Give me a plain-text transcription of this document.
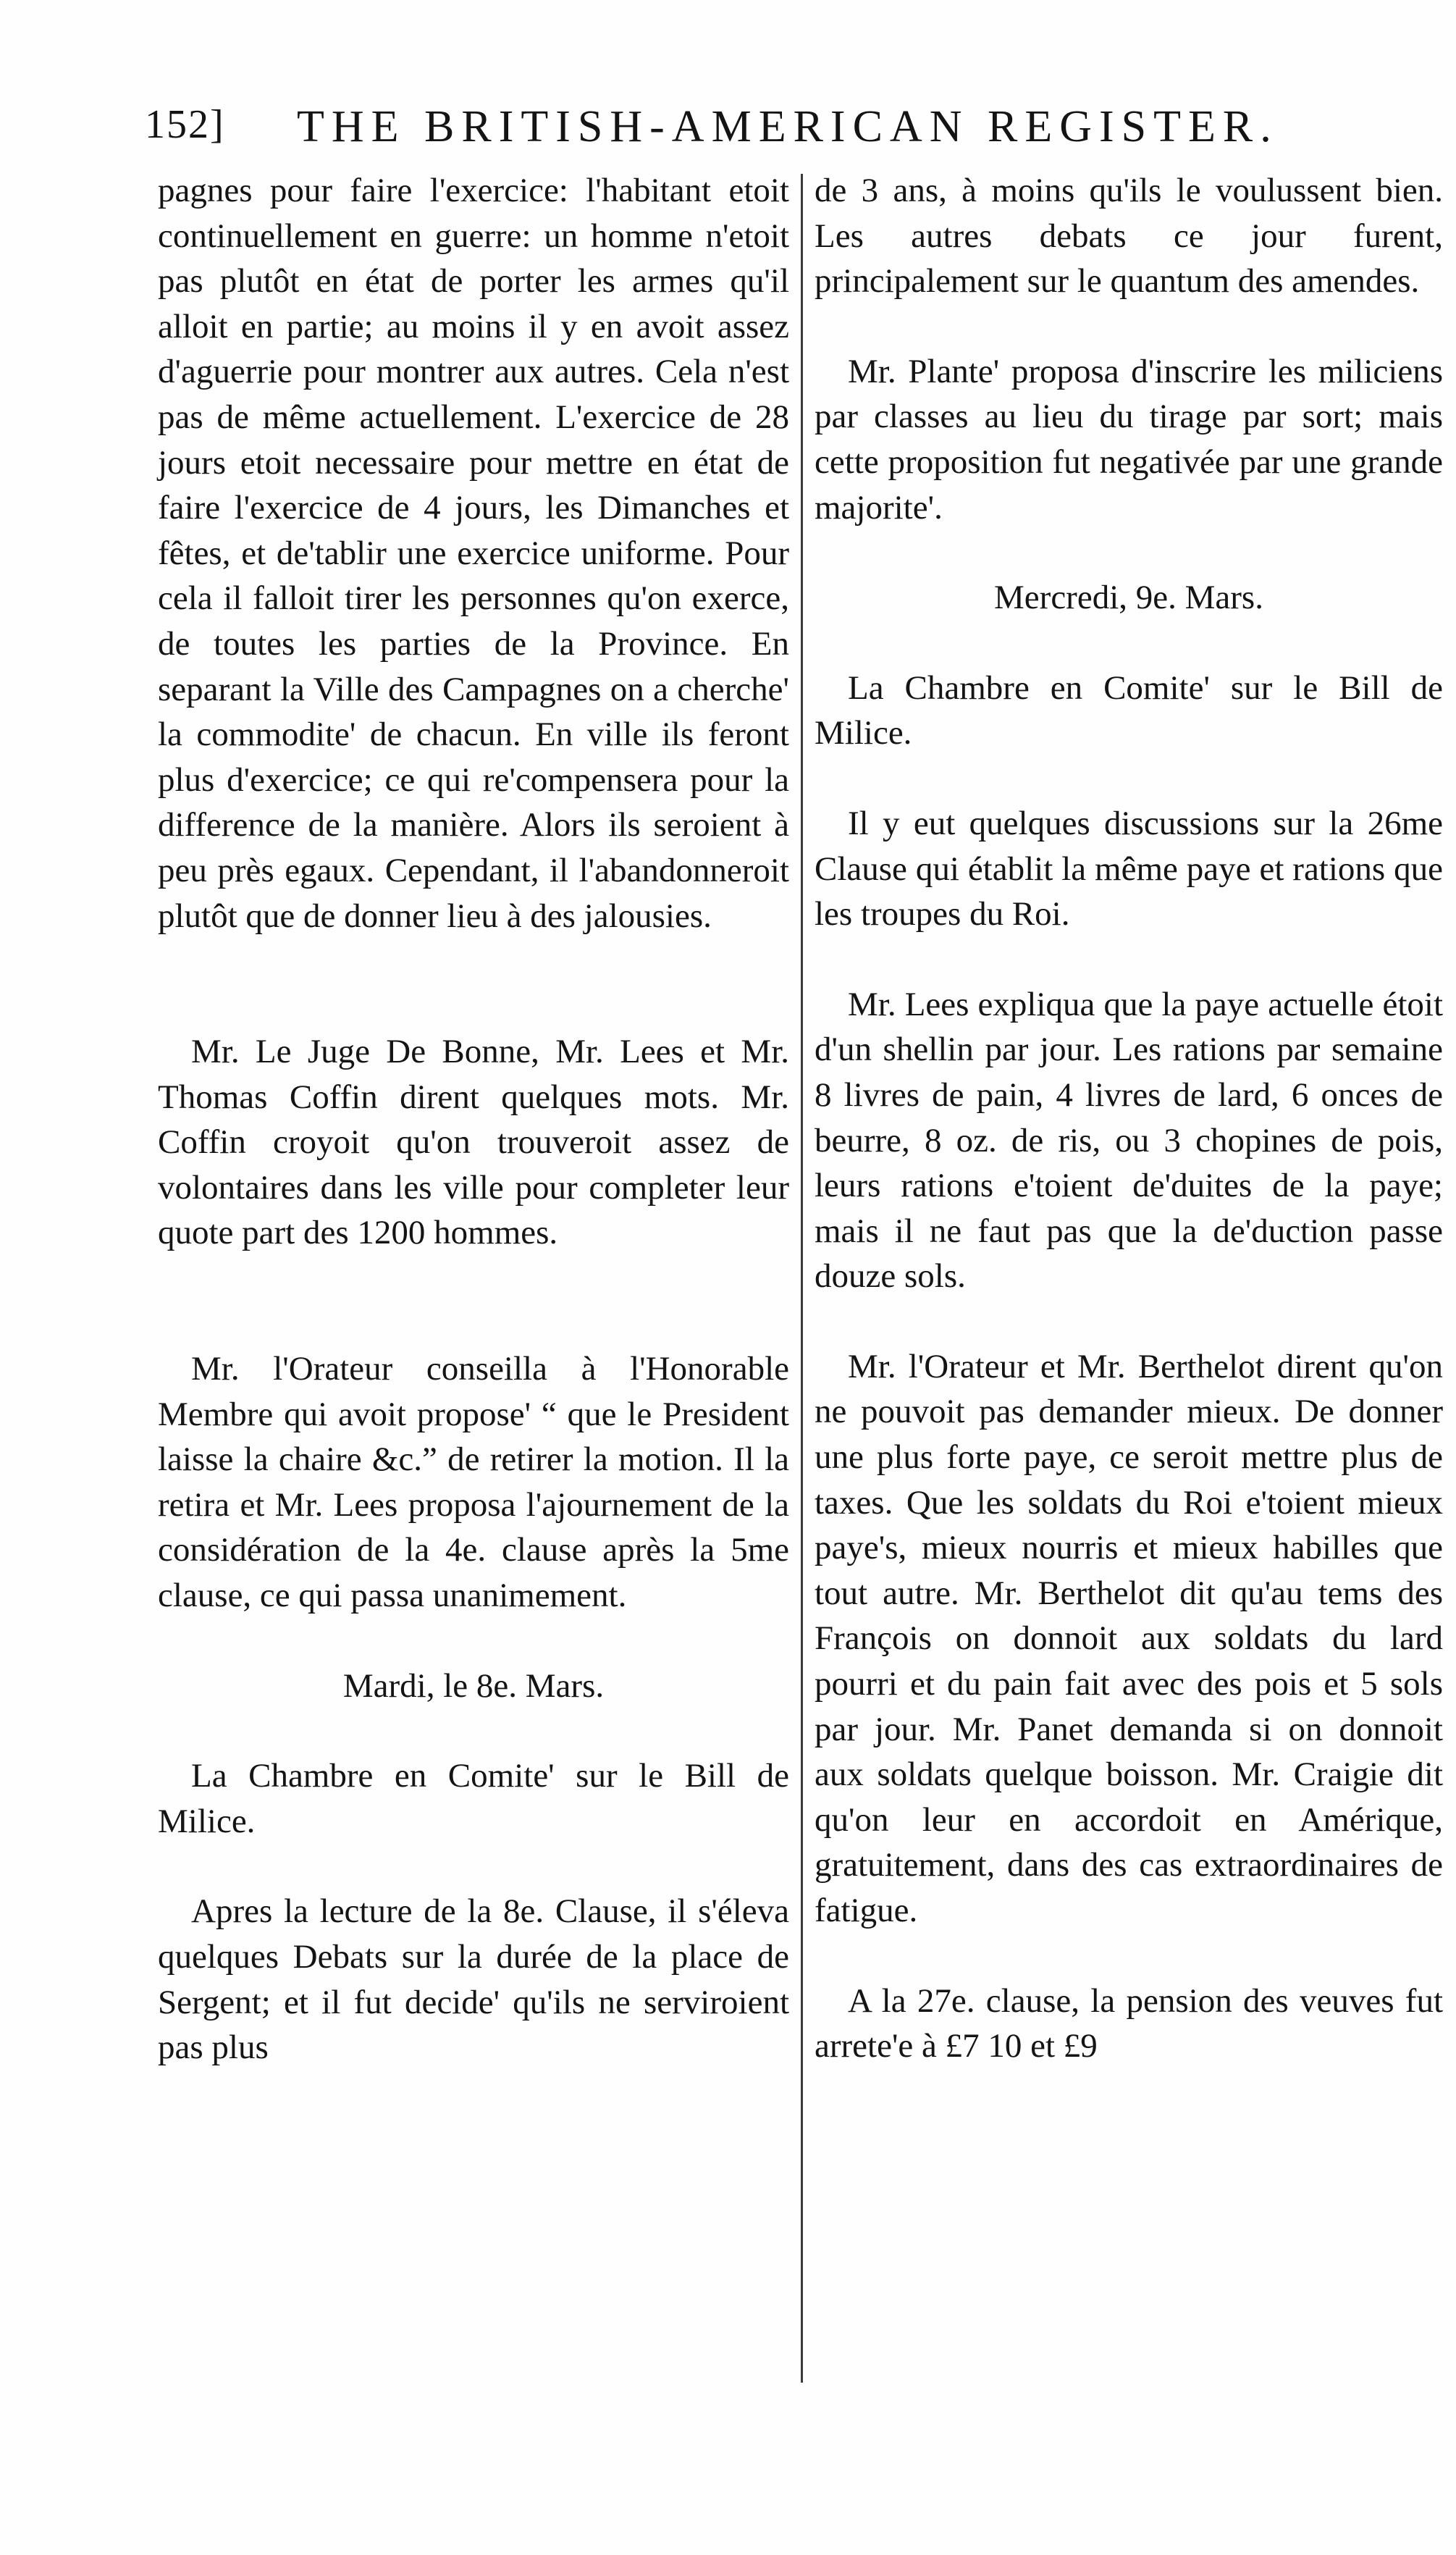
152] THE BRITISH-AMERICAN REGISTER.

pagnes pour faire l'exercice: l'habitant etoit continuellement en guerre: un homme n'etoit pas plutôt en état de porter les armes qu'il alloit en partie; au moins il y en avoit assez d'aguerrie pour montrer aux autres. Cela n'est pas de même actuellement. L'exercice de 28 jours etoit necessaire pour mettre en état de faire l'exercice de 4 jours, les Dimanches et fêtes, et de'tablir une exercice uniforme. Pour cela il falloit tirer les personnes qu'on exerce, de toutes les parties de la Province. En separant la Ville des Campagnes on a cherche' la commodite' de chacun. En ville ils feront plus d'exercice; ce qui re'compensera pour la difference de la manière. Alors ils seroient à peu près egaux. Cependant, il l'abandonneroit plutôt que de donner lieu à des jalousies.

Mr. Le Juge De Bonne, Mr. Lees et Mr. Thomas Coffin dirent quelques mots. Mr. Coffin croyoit qu'on trouveroit assez de volontaires dans les ville pour completer leur quote part des 1200 hommes.

Mr. l'Orateur conseilla à l'Honorable Membre qui avoit propose' “ que le President laisse la chaire &c.” de retirer la motion. Il la retira et Mr. Lees proposa l'ajournement de la considération de la 4e. clause après la 5me clause, ce qui passa unanimement.

Mardi, le 8e. Mars.

La Chambre en Comite' sur le Bill de Milice.

Apres la lecture de la 8e. Clause, il s'éleva quelques Debats sur la durée de la place de Sergent; et il fut decide' qu'ils ne serviroient pas plus

de 3 ans, à moins qu'ils le voulussent bien. Les autres debats ce jour furent, principalement sur le quantum des amendes.

Mr. Plante' proposa d'inscrire les miliciens par classes au lieu du tirage par sort; mais cette proposition fut negativée par une grande majorite'.

Mercredi, 9e. Mars.

La Chambre en Comite' sur le Bill de Milice.

Il y eut quelques discussions sur la 26me Clause qui établit la même paye et rations que les troupes du Roi.

Mr. Lees expliqua que la paye actuelle étoit d'un shellin par jour. Les rations par semaine 8 livres de pain, 4 livres de lard, 6 onces de beurre, 8 oz. de ris, ou 3 chopines de pois, leurs rations e'toient de'duites de la paye; mais il ne faut pas que la de'duction passe douze sols.

Mr. l'Orateur et Mr. Berthelot dirent qu'on ne pouvoit pas demander mieux. De donner une plus forte paye, ce seroit mettre plus de taxes. Que les soldats du Roi e'toient mieux paye's, mieux nourris et mieux habilles que tout autre. Mr. Berthelot dit qu'au tems des François on donnoit aux soldats du lard pourri et du pain fait avec des pois et 5 sols par jour. Mr. Panet demanda si on donnoit aux soldats quelque boisson. Mr. Craigie dit qu'on leur en accordoit en Amérique, gratuitement, dans des cas extraordinaires de fatigue.

A la 27e. clause, la pension des veuves fut arrete'e à £7 10 et £9
